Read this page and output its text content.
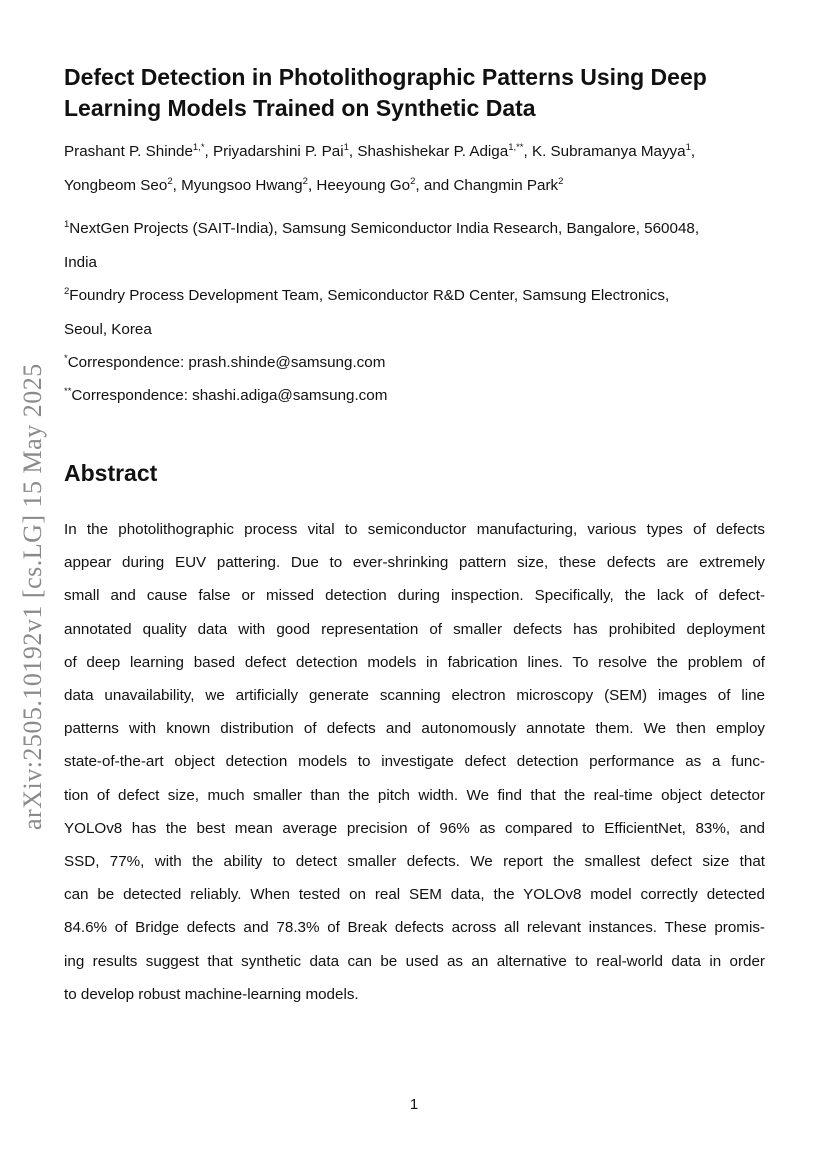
arXiv:2505.10192v1 [cs.LG] 15 May 2025
Defect Detection in Photolithographic Patterns Using Deep
Learning Models Trained on Synthetic Data
Prashant P. Shinde$^{1,*}$, Priyadarshini P. Pai$^1$, Shashishekar P. Adiga$^{1,**}$, K. Subramanya Mayya$^1$,
Yongbeom Seo$^2$, Myungsoo Hwang$^2$, Heeyoung Go$^2$, and Changmin Park$^2$
$^1$NextGen Projects (SAIT-India), Samsung Semiconductor India Research, Bangalore, 560048,
India
$^2$Foundry Process Development Team, Semiconductor R&D Center, Samsung Electronics,
Seoul, Korea
*Correspondence: prash.shinde@samsung.com
**Correspondence: shashi.adiga@samsung.com
Abstract

In the photolithographic process vital to semiconductor manufacturing, various types of defects
appear during EUV pattering. Due to ever-shrinking pattern size, these defects are extremely
small and cause false or missed detection during inspection. Specifically, the lack of defect-
annotated quality data with good representation of smaller defects has prohibited deployment
of deep learning based defect detection models in fabrication lines. To resolve the problem of
data unavailability, we artificially generate scanning electron microscopy (SEM) images of line
patterns with known distribution of defects and autonomously annotate them. We then employ
state-of-the-art object detection models to investigate defect detection performance as a func-
tion of defect size, much smaller than the pitch width. We find that the real-time object detector
YOLOv8 has the best mean average precision of 96% as compared to EfficientNet, 83%, and
SSD, 77%, with the ability to detect smaller defects. We report the smallest defect size that
can be detected reliably. When tested on real SEM data, the YOLOv8 model correctly detected
84.6% of Bridge defects and 78.3% of Break defects across all relevant instances. These promis-
ing results suggest that synthetic data can be used as an alternative to real-world data in order
to develop robust machine-learning models.

1
